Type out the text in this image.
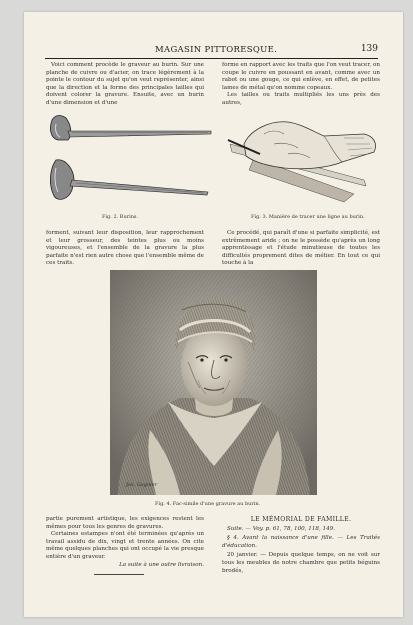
MAGASIN PITTORESQUE.	139

Voici comment procède le graveur au burin. Sur une planche de cuivre ou d'acier, on trace légèrement à la pointe le contour du sujet qu'on veut représenter, ainsi que la direction et la forme des principales tailles qui doivent colorer la gravure. Ensuite, avec un burin d'une dimension et d'une

forme en rapport avec les traits que l'on veut tracer, on coupe le cuivre en poussant en avant, comme avec un rabot ou une gouge, ce qui enlève, en effet, de petites lames de métal qu'on nomme copeaux.

Les tailles ou traits multipliés les uns près des autres,

Fig. 2. Burins.	Fig. 3. Manière de tracer une ligne au burin.

forment, suivant leur disposition, leur rapprochement et leur grosseur, des teintes plus ou moins vigoureuses, et l'ensemble de la gravure la plus parfaite n'est rien autre chose que l'ensemble même de ces traits.

Ce procédé, qui paraît d'une si parfaite simplicité, est extrêmement aride ; on ne le possède qu'après un long apprentissage et l'étude minutieuse de toutes les difficultés proprement dites de métier. En tout ce qui touche à la

Jos. Gagnier
Fig. 4. Fac-simile d'une gravure au burin.

partie purement artistique, les exigences restent les mêmes pour tous les genres de gravures.

Certaines estampes n'ont été terminées qu'après un travail assidu de dix, vingt et trente années. On cite même quelques planches qui ont occupé la vie presque entière d'un graveur.

La suite à une autre livraison.

LE MÉMORIAL DE FAMILLE.

Suite. — Voy. p. 61, 78, 100, 118, 149.

§ 4. Avant la naissance d'une fille. — Les Traités d'éducation.

20 janvier. — Depuis quelque temps, on ne voit sur tous les meubles de notre chambre que petits béguins brodés,
